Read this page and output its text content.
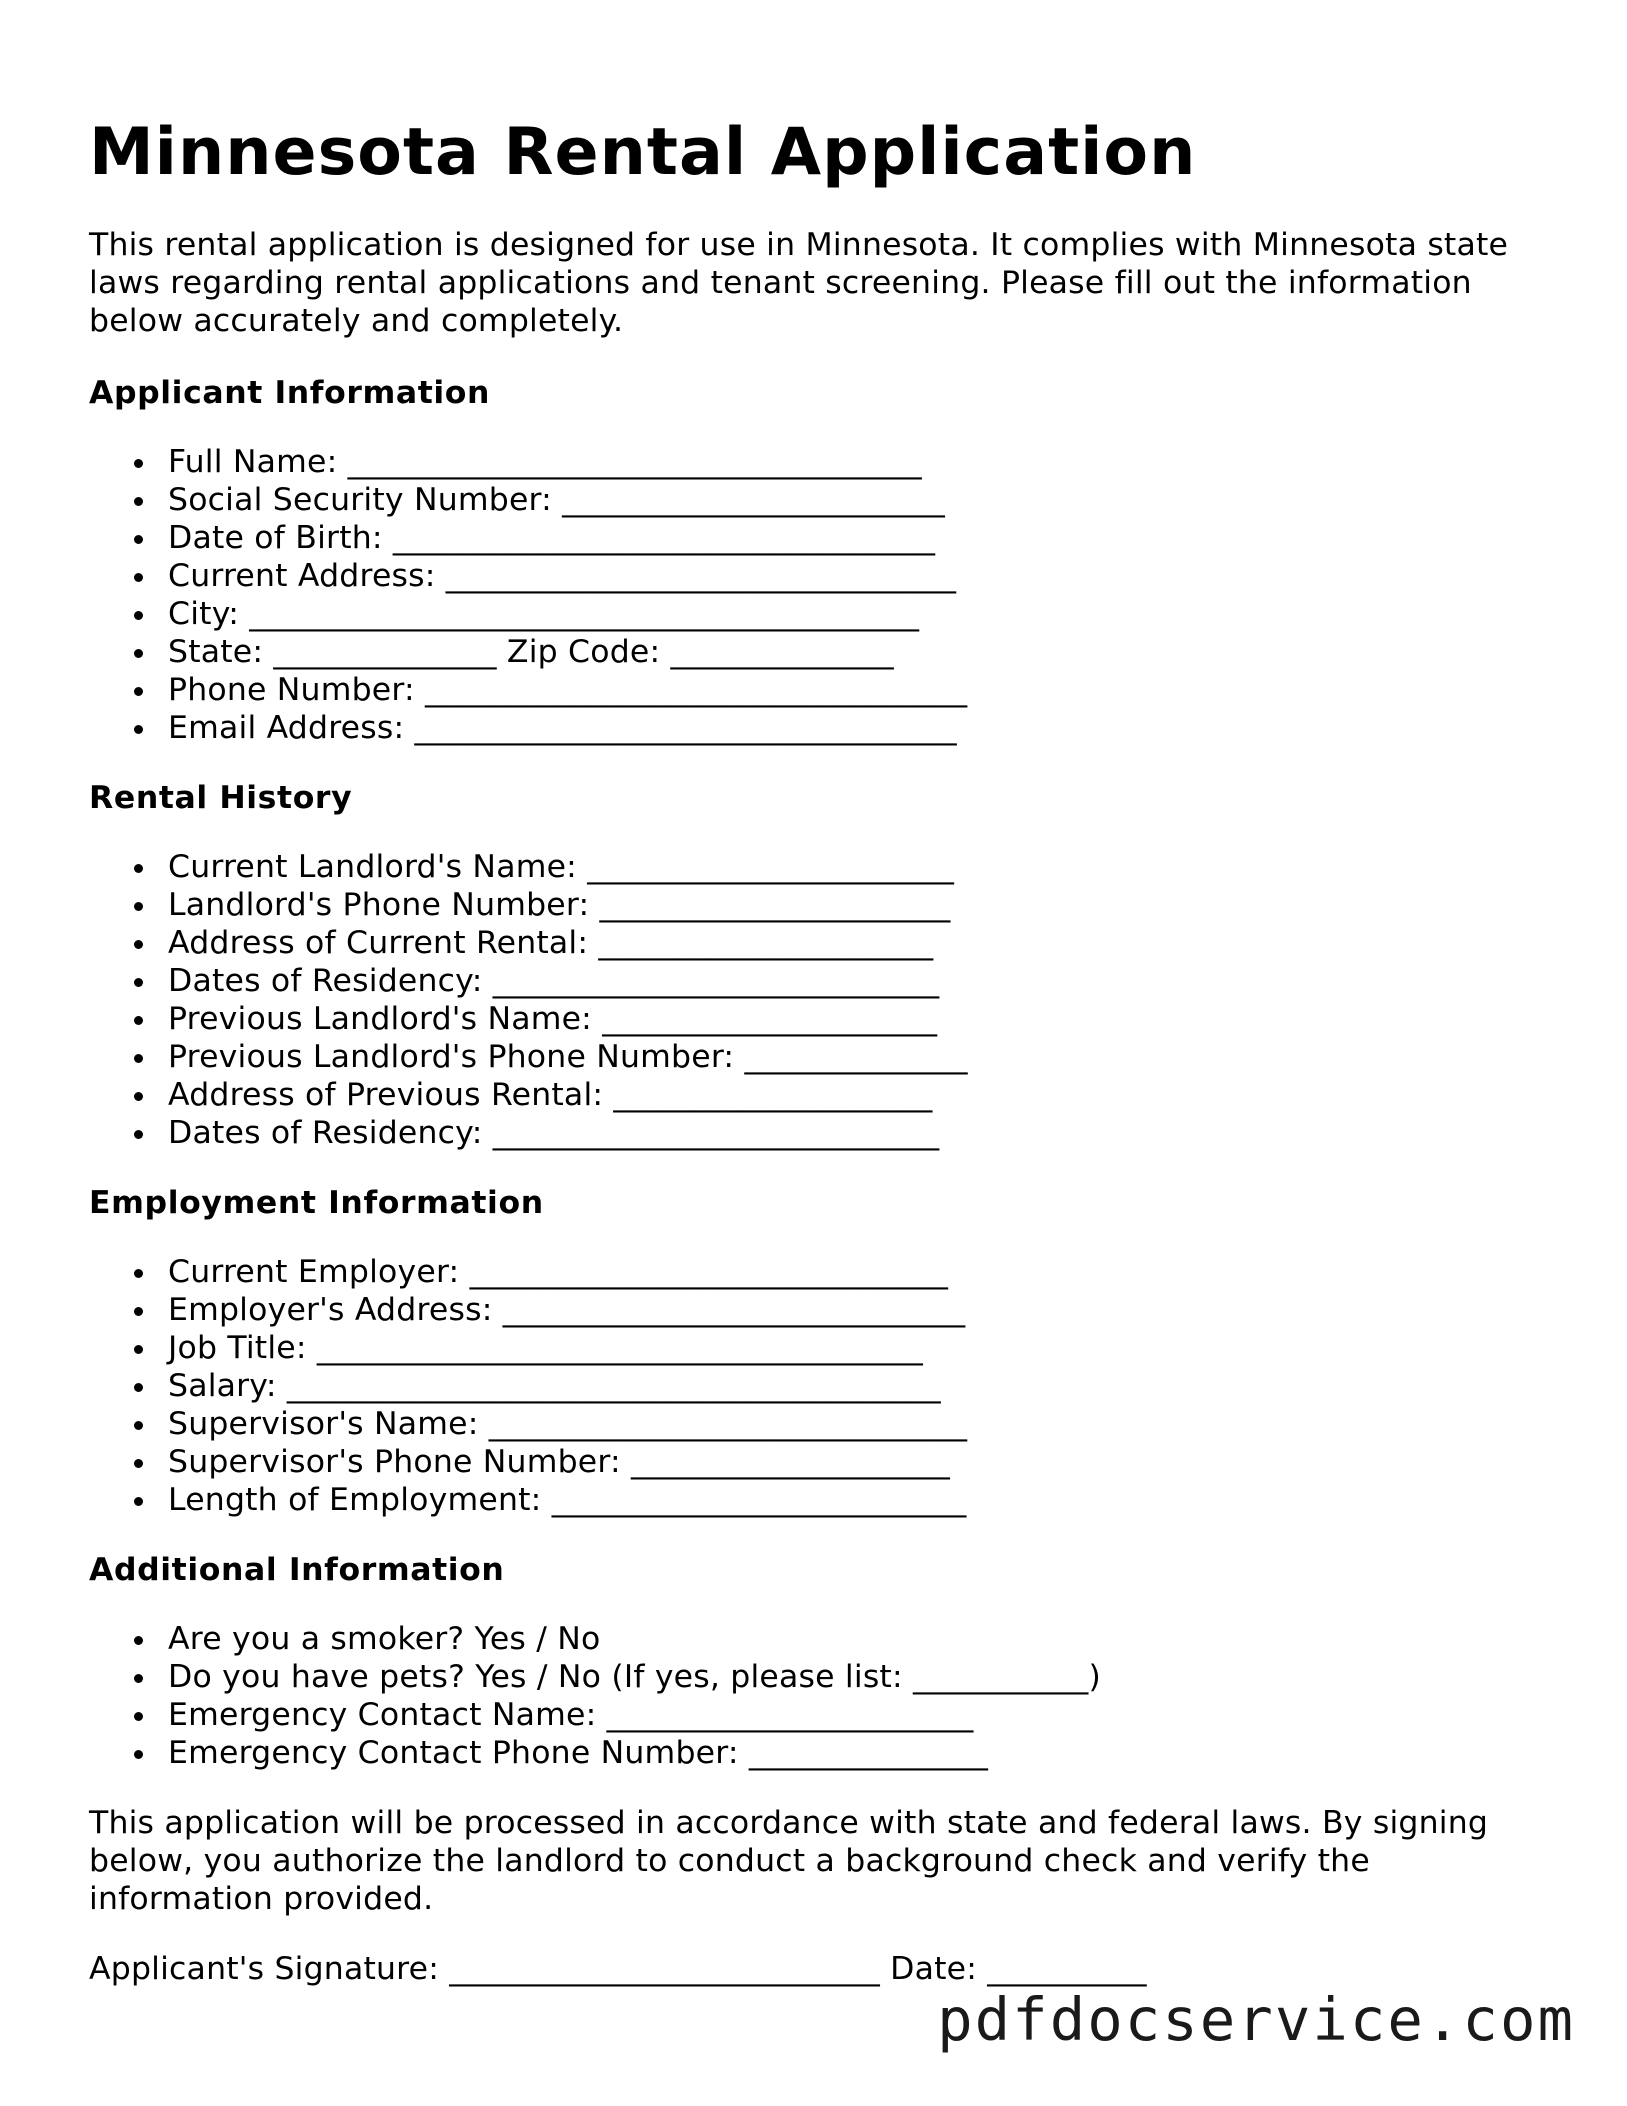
Minnesota Rental Application

This rental application is designed for use in Minnesota. It complies with Minnesota state laws regarding rental applications and tenant screening. Please fill out the information below accurately and completely.

Applicant Information
Full Name: ____________________________________
Social Security Number: ________________________
Date of Birth: __________________________________
Current Address: ________________________________
City: __________________________________________
State: ______________ Zip Code: ______________
Phone Number: __________________________________
Email Address: __________________________________
Rental History
Current Landlord's Name: _______________________
Landlord's Phone Number: ______________________
Address of Current Rental: _____________________
Dates of Residency: ____________________________
Previous Landlord's Name: _____________________
Previous Landlord's Phone Number: ______________
Address of Previous Rental: ____________________
Dates of Residency: ____________________________
Employment Information
Current Employer: ______________________________
Employer's Address: _____________________________
Job Title: ______________________________________
Salary: _________________________________________
Supervisor's Name: ______________________________
Supervisor's Phone Number: ____________________
Length of Employment: __________________________
Additional Information
Are you a smoker? Yes / No
Do you have pets? Yes / No (If yes, please list: ___________)
Emergency Contact Name: _______________________
Emergency Contact Phone Number: _______________

This application will be processed in accordance with state and federal laws. By signing below, you authorize the landlord to conduct a background check and verify the information provided.

Applicant's Signature: ___________________________ Date: __________

pdfdocservice.com
